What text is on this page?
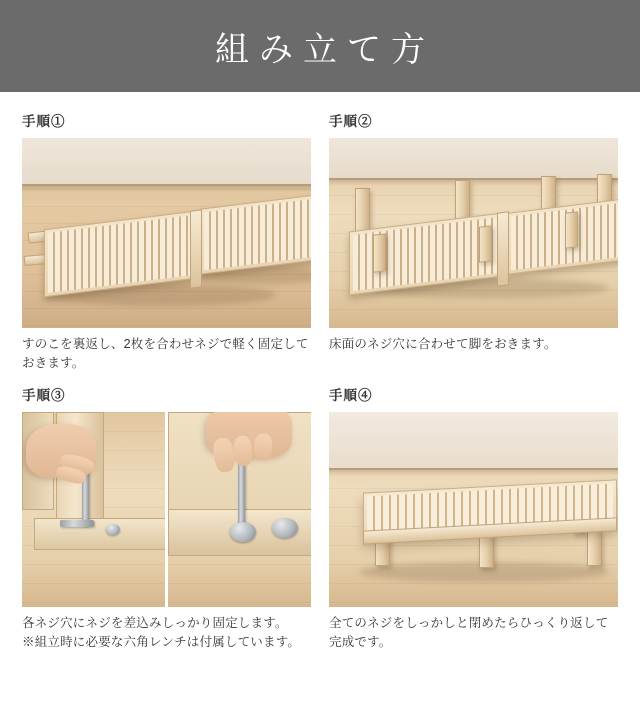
組み立て方
手順①
すのこを裏返し、2枚を合わせネジで軽く固定しておきます。
手順②
床面のネジ穴に合わせて脚をおきます。
手順③
各ネジ穴にネジを差込みしっかり固定します。
※組立時に必要な六角レンチは付属しています。
手順④
全てのネジをしっかしと閉めたらひっくり返して完成です。
